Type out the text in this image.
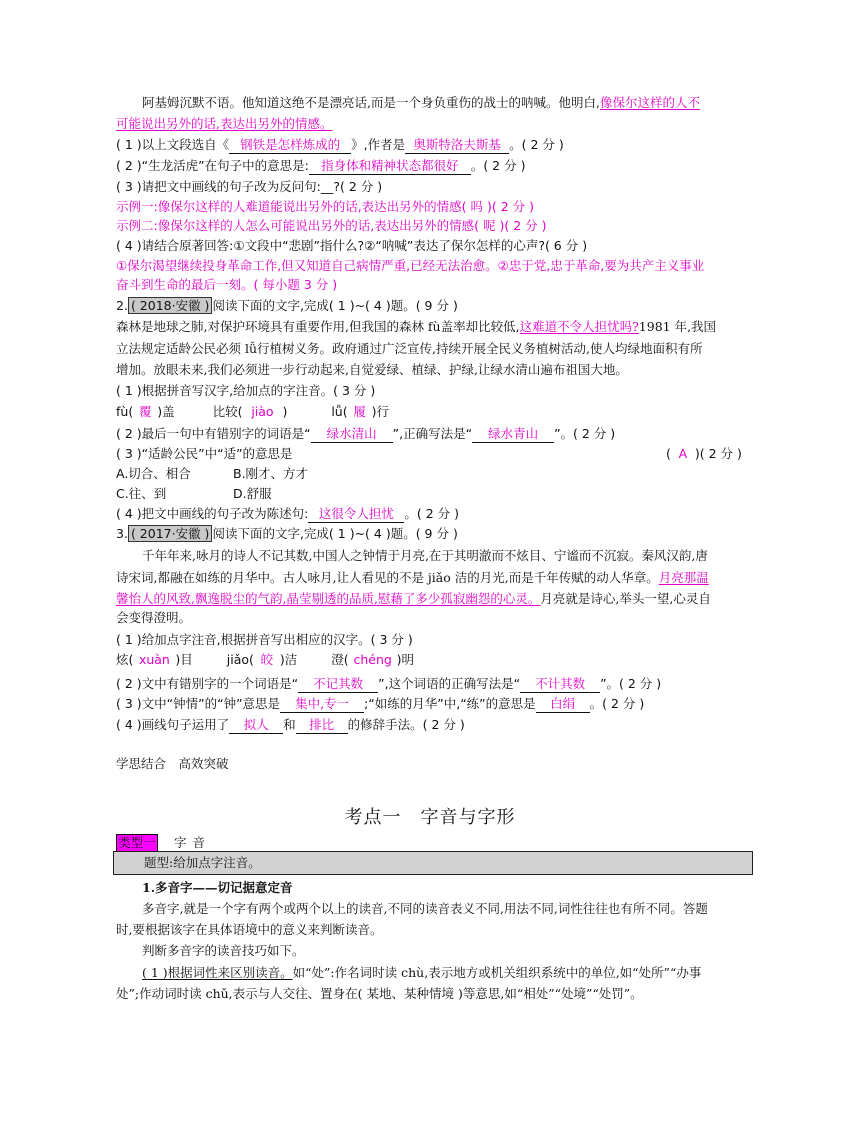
阿基姆沉默不语。他知道这绝不是漂亮话,而是一个身负重伤的战士的呐喊。他明白,像保尔这样的人不
可能说出另外的话,表达出另外的情感。
( 1 )以上文段选自《 钢铁是怎样炼成的 》,作者是 奥斯特洛夫斯基 。( 2 分 )
( 2 )“生龙活虎”在句子中的意思是: 指身体和精神状态都很好 。( 2 分 )
( 3 )请把文中画线的句子改为反问句:__?( 2 分 )
示例一:像保尔这样的人难道能说出另外的话,表达出另外的情感( 吗 )( 2 分 )
示例二:像保尔这样的人怎么可能说出另外的话,表达出另外的情感( 呢 )( 2 分 )
( 4 )请结合原著回答:①文段中“悲剧”指什么?②“呐喊”表达了保尔怎样的心声?( 6 分 )
①保尔渴望继续投身革命工作,但又知道自己病情严重,已经无法治愈。②忠于党,忠于革命,要为共产主义事业
奋斗到生命的最后一刻。( 每小题 3 分 )
2. ( 2018·安徽 ) 阅读下面的文字,完成( 1 )~( 4 )题。( 9 分 )
森林是地球之肺,对保护环境具有重要作用,但我国的森林 fù盖率却比较低,这难道不令人担忧吗?1981 年,我国
立法规定适龄公民必须 lǚ行植树义务。政府通过广泛宣传,持续开展全民义务植树活动,使人均绿地面积有所
增加。放眼未来,我们必须进一步行动起来,自觉爱绿、植绿、护绿,让绿水清山遍布祖国大地。
( 1 )根据拼音写汉字,给加点的字注音。( 3 分 )
fù( 覆 )盖	比较( jiào )	lǚ( 履 )行
( 2 )最后一句中有错别字的词语是“ 绿水清山 ”,正确写法是“ 绿水青山 ”。( 2 分 )
( 3 )“适龄公民”中“适”的意思是	( A )( 2 分 )
A.切合、相合	B.刚才、方才
C.往、到	D.舒服
( 4 )把文中画线的句子改为陈述句: 这很令人担忧 。( 2 分 )
3. ( 2017·安徽 ) 阅读下面的文字,完成( 1 )~( 4 )题。( 9 分 )
千年年来,咏月的诗人不记其数,中国人之钟情于月亮,在于其明澈而不炫目、宁谧而不沉寂。秦风汉韵,唐
诗宋词,都融在如练的月华中。古人咏月,让人看见的不是 jiǎo 洁的月光,而是千年传赋的动人华章。月亮那温
馨怡人的风致,飘逸脱尘的气韵,晶莹剔透的品质,慰藉了多少孤寂幽怨的心灵。月亮就是诗心,举头一望,心灵自
会变得澄明。
( 1 )给加点字注音,根据拼音写出相应的汉字。( 3 分 )
炫( xuàn )目	jiǎo( 皎 )洁	澄( chéng )明
( 2 )文中有错别字的一个词语是“ 不记其数 ”,这个词语的正确写法是“ 不计其数 ”。( 2 分 )
( 3 )文中“钟情”的“钟”意思是 集中,专一 ;“如练的月华”中,“练”的意思是 白绢 。( 2 分 )
( 4 )画线句子运用了 拟人 和 排比 的修辞手法。( 2 分 )
学思结合　高效突破
考点一　字音与字形
类型一 字音
题型:给加点字注音。
1.多音字——切记据意定音
多音字,就是一个字有两个或两个以上的读音,不同的读音表义不同,用法不同,词性往往也有所不同。答题
时,要根据该字在具体语境中的意义来判断读音。
判断多音字的读音技巧如下。
( 1 )根据词性来区别读音。如“处”:作名词时读 chù,表示地方或机关组织系统中的单位,如“处所”“办事
处”;作动词时读 chǔ,表示与人交往、置身在( 某地、某种情境 )等意思,如“相处”“处境”“处罚”。
